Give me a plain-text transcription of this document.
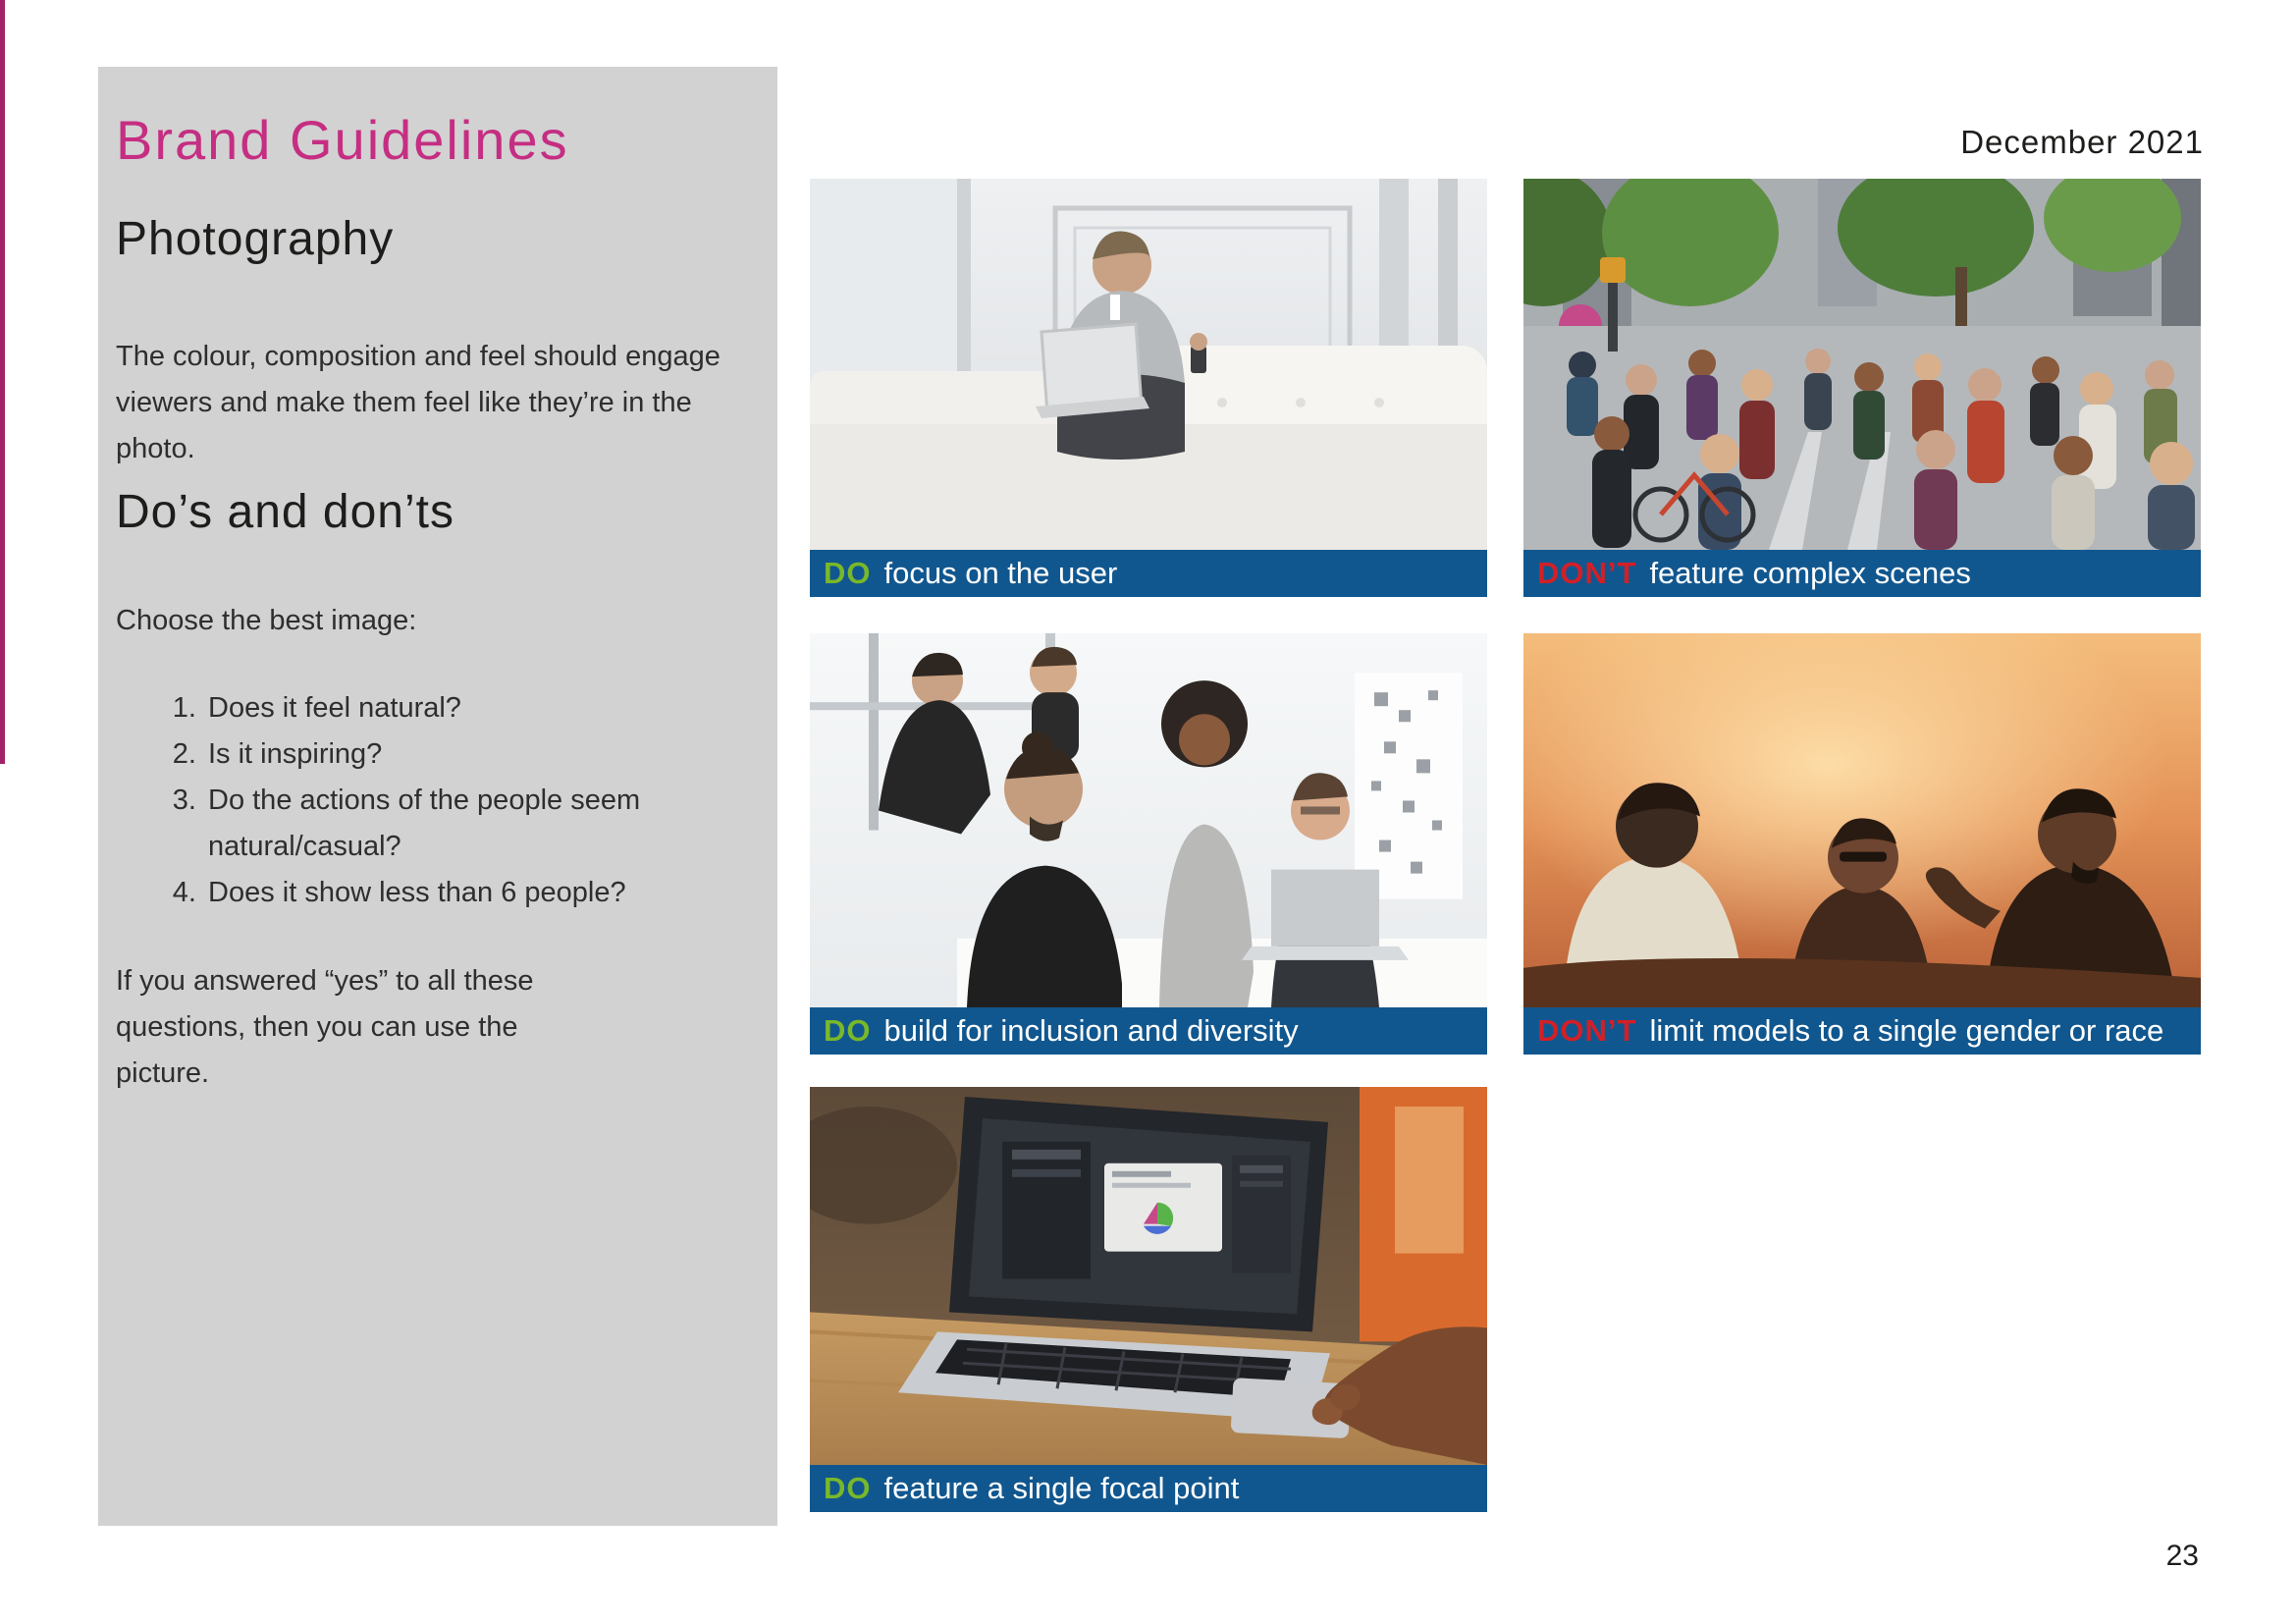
Brand Guidelines
Photography
The colour, composition and feel should engage viewers and make them feel like they’re in the photo.
Do’s and don’ts
Choose the best image:
1. Does it feel natural?
2. Is it inspiring?
3. Do the actions of the people seem natural/casual?
4. Does it show less than 6 people?
If you answered “yes” to all these questions, then you can use the picture.
December 2021
23
DO focus on the user	DON’T feature complex scenes
DO build for inclusion and diversity	DON’T limit models to a single gender or race
DO feature a single focal point
